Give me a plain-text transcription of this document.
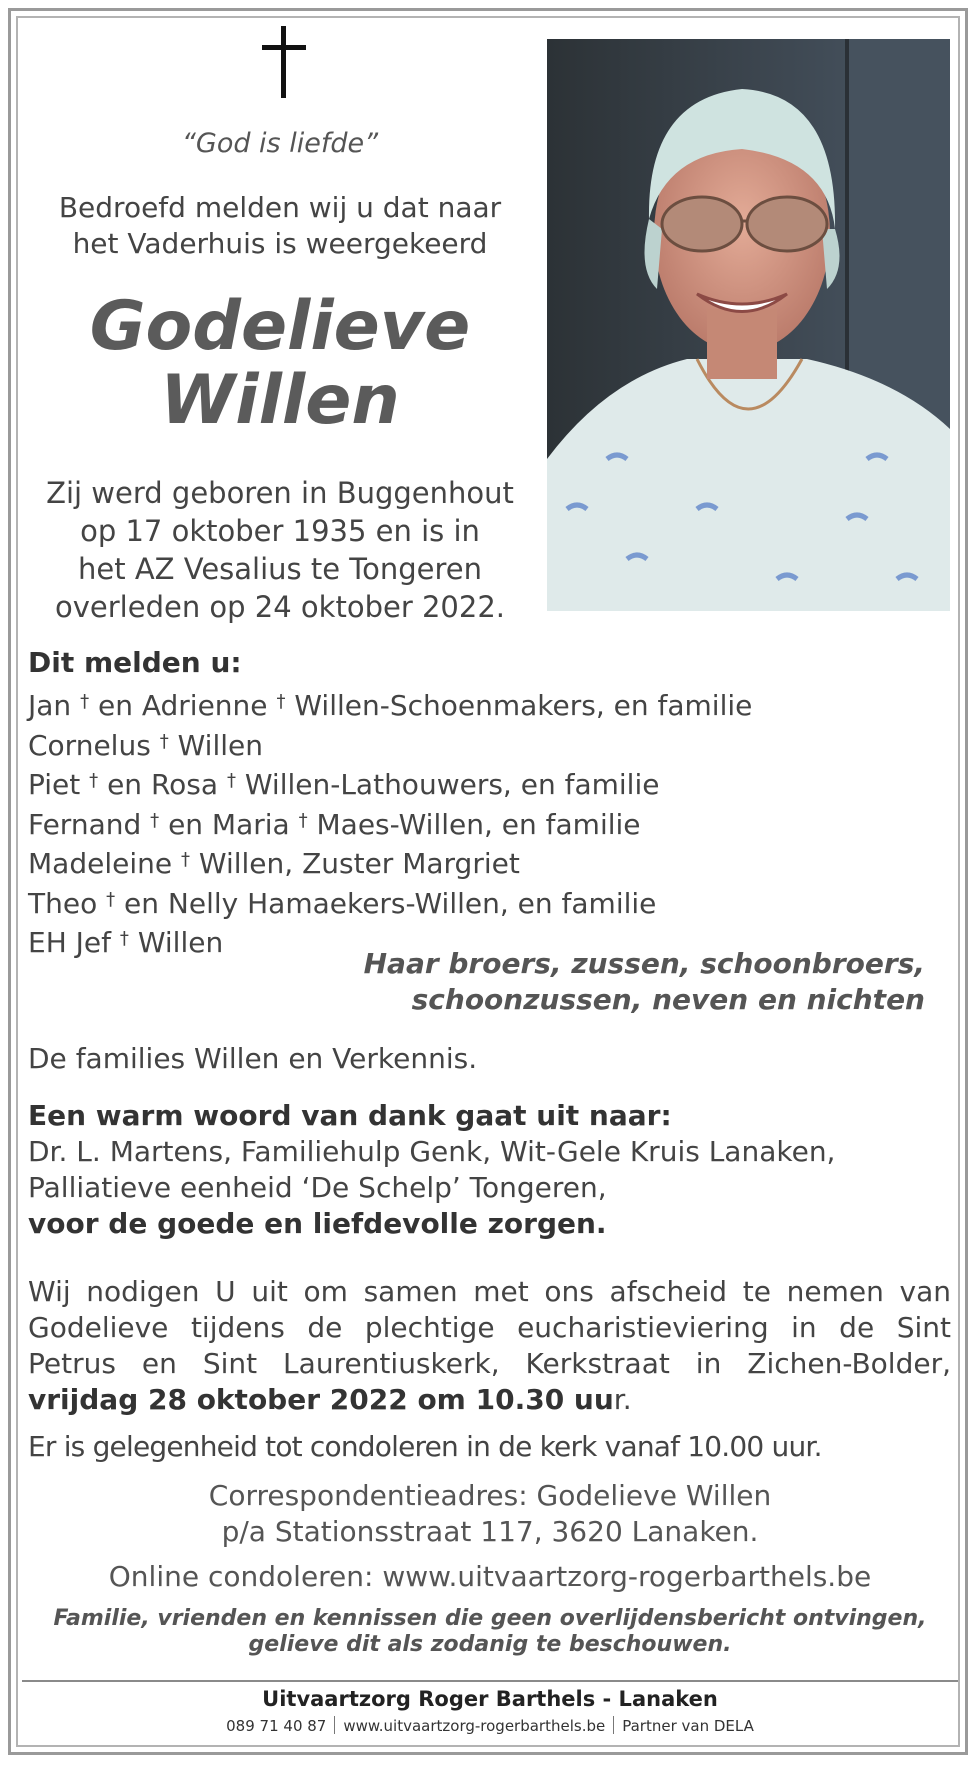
“God is liefde”
Bedroefd melden wij u dat naar
het Vaderhuis is weergekeerd
Godelieve
Willen
Zij werd geboren in Buggenhout
op 17 oktober 1935 en is in
het AZ Vesalius te Tongeren
overleden op 24 oktober 2022.
Dit melden u:
Jan † en Adrienne † Willen-Schoenmakers, en familie
Cornelus † Willen
Piet † en Rosa † Willen-Lathouwers, en familie
Fernand † en Maria † Maes-Willen, en familie
Madeleine † Willen, Zuster Margriet
Theo † en Nelly Hamaekers-Willen, en familie
EH Jef † Willen
Haar broers, zussen, schoonbroers,
schoonzussen, neven en nichten
De families Willen en Verkennis.
Een warm woord van dank gaat uit naar:
Dr. L. Martens, Familiehulp Genk, Wit-Gele Kruis Lanaken,
Palliatieve eenheid ‘De Schelp’ Tongeren,
voor de goede en liefdevolle zorgen.
Wij nodigen U uit om samen met ons afscheid te nemen van Godelieve tijdens de plechtige eucharistieviering in de Sint Petrus en Sint Laurentiuskerk, Kerkstraat in Zichen-Bolder, vrijdag 28 oktober 2022 om 10.30 uur.
Er is gelegenheid tot condoleren in de kerk vanaf 10.00 uur.
Correspondentieadres: Godelieve Willen
p/a Stationsstraat 117, 3620 Lanaken.
Online condoleren: www.uitvaartzorg-rogerbarthels.be
Familie, vrienden en kennissen die geen overlijdensbericht ontvingen,
gelieve dit als zodanig te beschouwen.
Uitvaartzorg Roger Barthels - Lanaken
089 71 40 87 www.uitvaartzorg-rogerbarthels.be Partner van DELA
